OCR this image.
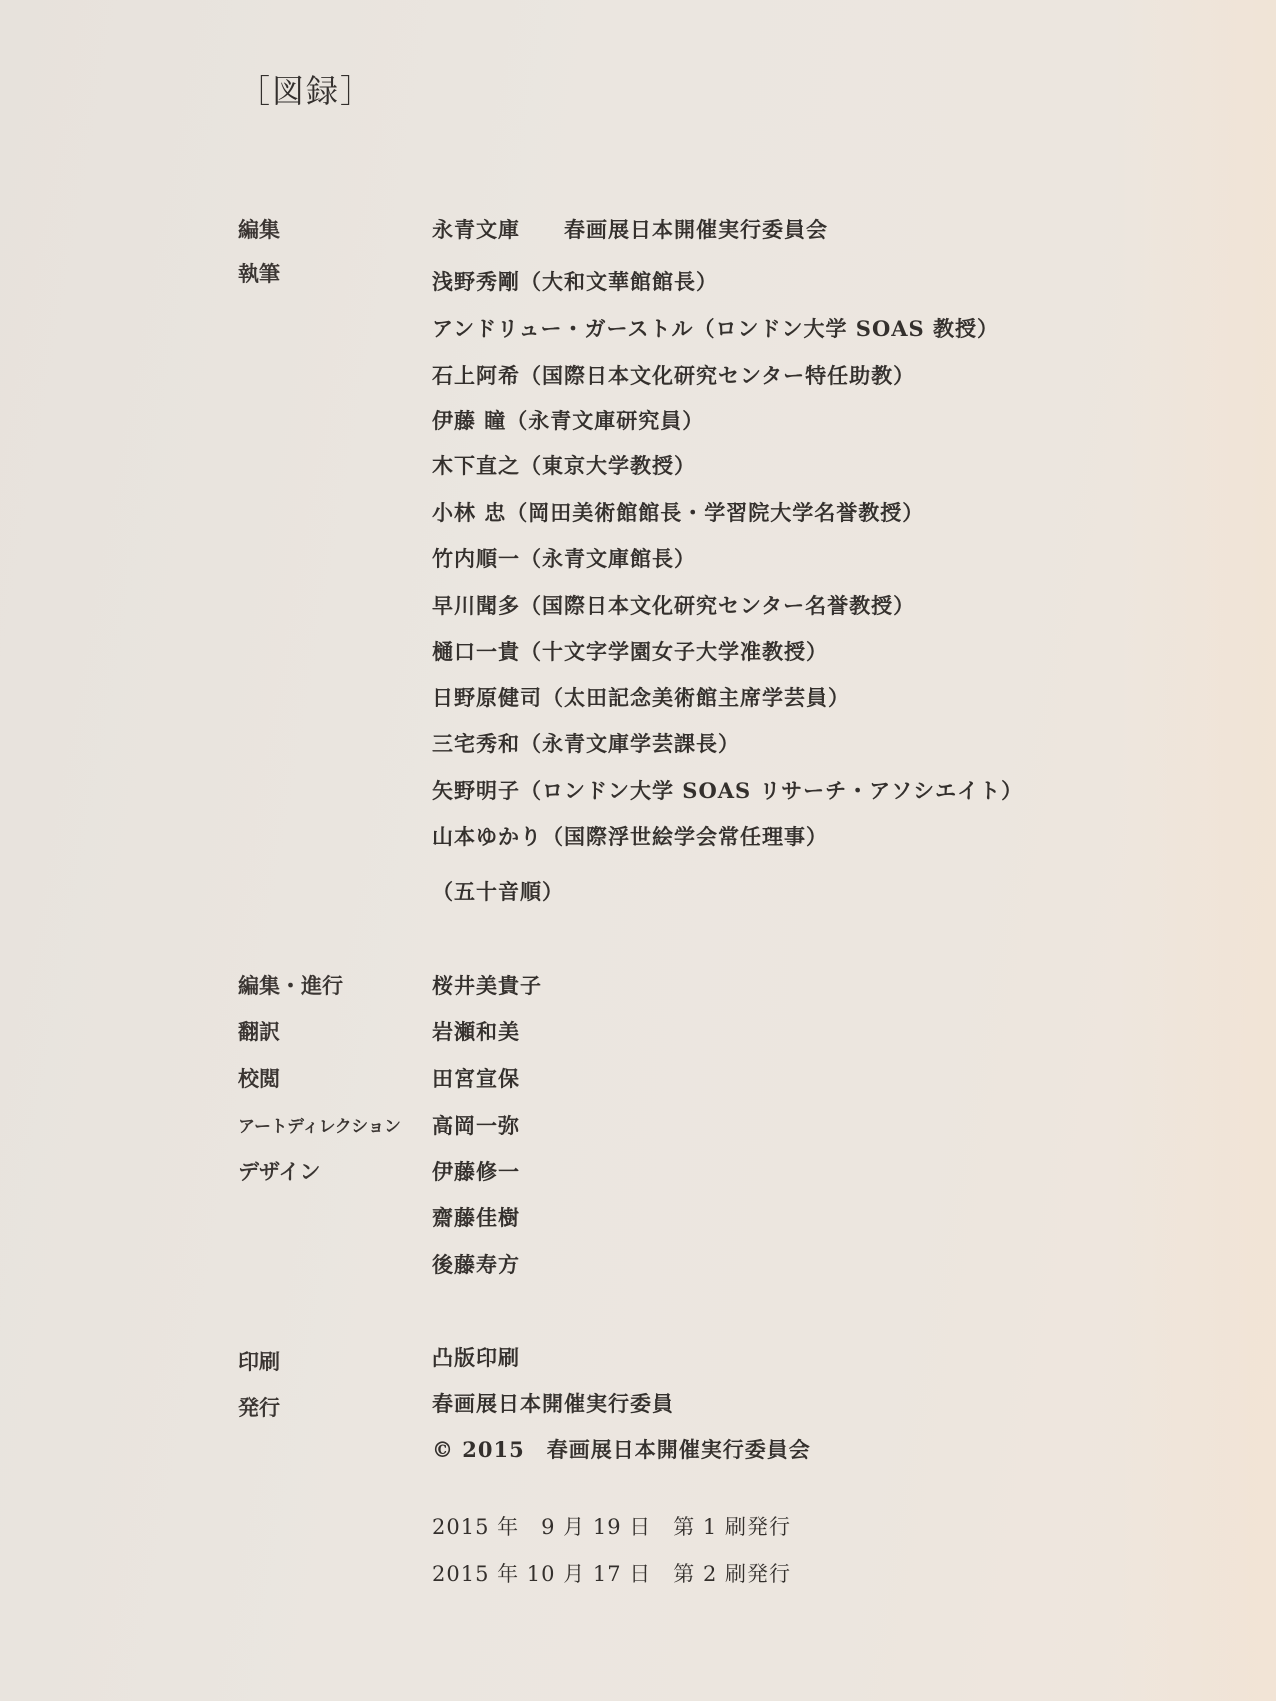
［図録］
編集	永青文庫 春画展日本開催実行委員会
執筆	浅野秀剛（大和文華館館長）
アンドリュー・ガーストル（ロンドン大学 SOAS 教授）
石上阿希（国際日本文化研究センター特任助教）
伊藤 瞳（永青文庫研究員）
木下直之（東京大学教授）
小林 忠（岡田美術館館長・学習院大学名誉教授）
竹内順一（永青文庫館長）
早川聞多（国際日本文化研究センター名誉教授）
樋口一貴（十文字学園女子大学准教授）
日野原健司（太田記念美術館主席学芸員）
三宅秀和（永青文庫学芸課長）
矢野明子（ロンドン大学 SOAS リサーチ・アソシエイト）
山本ゆかり（国際浮世絵学会常任理事）
（五十音順）
編集・進行	桜井美貴子
翻訳	岩瀬和美
校閲	田宮宣保
アートディレクション 高岡一弥
デザイン	伊藤修一
齋藤佳樹
後藤寿方
印刷	凸版印刷
発行	春画展日本開催実行委員
© 2015　春画展日本開催実行委員会
2015 年　9 月 19 日　第 1 刷発行
2015 年 10 月 17 日　第 2 刷発行
